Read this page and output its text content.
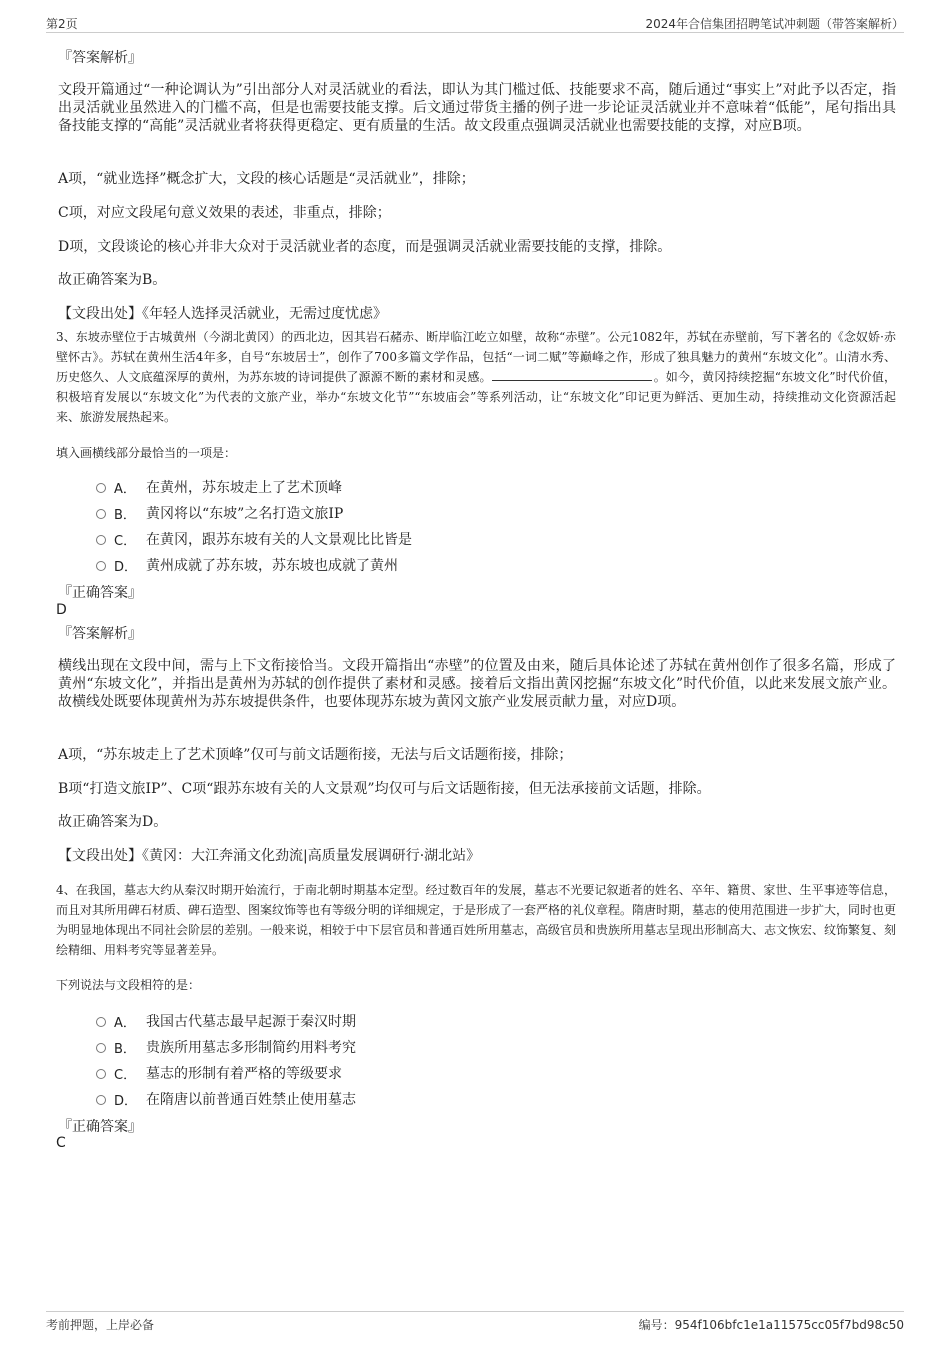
第2页	2024年合信集团招聘笔试冲刺题（带答案解析）
『答案解析』
文段开篇通过“一种论调认为”引出部分人对灵活就业的看法，即认为其门槛过低、技能要求不高，随后通过“事实上”对此予以否定，指出灵活就业虽然进入的门槛不高，但是也需要技能支撑。后文通过带货主播的例子进一步论证灵活就业并不意味着“低能”，尾句指出具备技能支撑的“高能”灵活就业者将获得更稳定、更有质量的生活。故文段重点强调灵活就业也需要技能的支撑，对应B项。
A项，“就业选择”概念扩大，文段的核心话题是“灵活就业”，排除；
C项，对应文段尾句意义效果的表述，非重点，排除；
D项，文段谈论的核心并非大众对于灵活就业者的态度，而是强调灵活就业需要技能的支撑，排除。
故正确答案为B。
【文段出处】《年轻人选择灵活就业，无需过度忧虑》
3、东坡赤壁位于古城黄州（今湖北黄冈）的西北边，因其岩石赭赤、断岸临江屹立如壁，故称“赤壁”。公元1082年，苏轼在赤壁前，写下著名的《念奴娇·赤壁怀古》。苏轼在黄州生活4年多，自号“东坡居士”，创作了700多篇文学作品，包括“一词二赋”等巅峰之作，形成了独具魅力的黄州“东坡文化”。山清水秀、历史悠久、人文底蕴深厚的黄州，为苏东坡的诗词提供了源源不断的素材和灵感。	。如今，黄冈持续挖掘“东坡文化”时代价值，积极培育发展以“东坡文化”为代表的文旅产业，举办“东坡文化节”“东坡庙会”等系列活动，让“东坡文化”印记更为鲜活、更加生动，持续推动文化资源活起来、旅游发展热起来。
填入画横线部分最恰当的一项是：
A． 在黄州，苏东坡走上了艺术顶峰
B． 黄冈将以“东坡”之名打造文旅IP
C． 在黄冈，跟苏东坡有关的人文景观比比皆是
D． 黄州成就了苏东坡，苏东坡也成就了黄州
『正确答案』
D
『答案解析』
横线出现在文段中间，需与上下文衔接恰当。文段开篇指出“赤壁”的位置及由来，随后具体论述了苏轼在黄州创作了很多名篇，形成了黄州“东坡文化”，并指出是黄州为苏轼的创作提供了素材和灵感。接着后文指出黄冈挖掘“东坡文化”时代价值，以此来发展文旅产业。故横线处既要体现黄州为苏东坡提供条件，也要体现苏东坡为黄冈文旅产业发展贡献力量，对应D项。
A项，“苏东坡走上了艺术顶峰”仅可与前文话题衔接，无法与后文话题衔接，排除；
B项“打造文旅IP”、C项“跟苏东坡有关的人文景观”均仅可与后文话题衔接，但无法承接前文话题，排除。
故正确答案为D。
【文段出处】《黄冈：大江奔涌文化劲流|高质量发展调研行·湖北站》
4、在我国，墓志大约从秦汉时期开始流行，于南北朝时期基本定型。经过数百年的发展，墓志不光要记叙逝者的姓名、卒年、籍贯、家世、生平事迹等信息，而且对其所用碑石材质、碑石造型、图案纹饰等也有等级分明的详细规定，于是形成了一套严格的礼仪章程。隋唐时期，墓志的使用范围进一步扩大，同时也更为明显地体现出不同社会阶层的差别。一般来说，相较于中下层官员和普通百姓所用墓志，高级官员和贵族所用墓志呈现出形制高大、志文恢宏、纹饰繁复、刻绘精细、用料考究等显著差异。
下列说法与文段相符的是：
A． 我国古代墓志最早起源于秦汉时期
B． 贵族所用墓志多形制简约用料考究
C． 墓志的形制有着严格的等级要求
D． 在隋唐以前普通百姓禁止使用墓志
『正确答案』
C
考前押题，上岸必备	编号：954f106bfc1e1a11575cc05f7bd98c50
